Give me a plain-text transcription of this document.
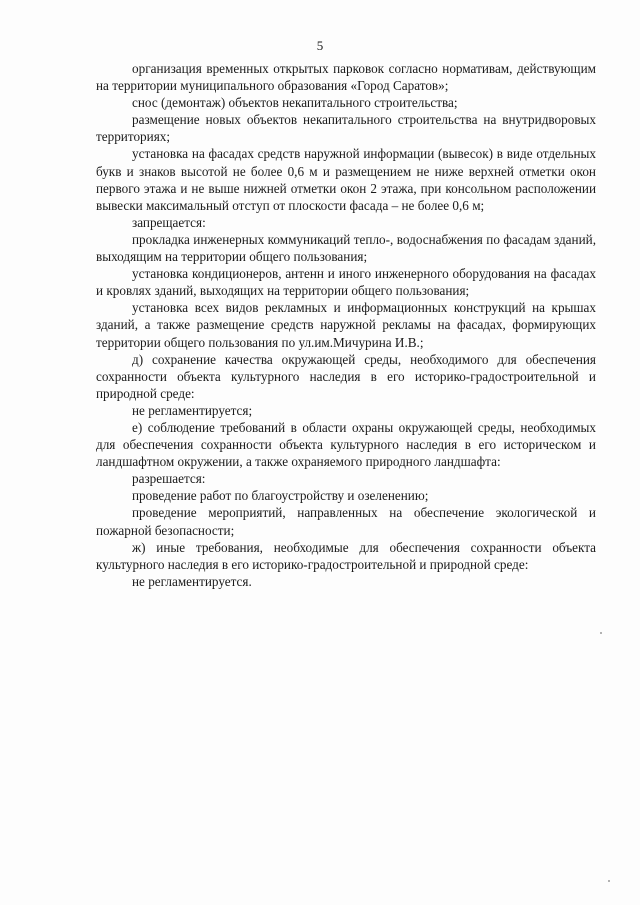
5

организация временных открытых парковок согласно нормативам, действующим на территории муниципального образования «Город Саратов»;

снос (демонтаж) объектов некапитального строительства;

размещение новых объектов некапитального строительства на внутридворовых территориях;

установка на фасадах средств наружной информации (вывесок) в виде отдельных букв и знаков высотой не более 0,6 м и размещением не ниже верхней отметки окон первого этажа и не выше нижней отметки окон 2 этажа, при консольном расположении вывески максимальный отступ от плоскости фасада – не более 0,6 м;

запрещается:

прокладка инженерных коммуникаций тепло-, водоснабжения по фасадам зданий, выходящим на территории общего пользования;

установка кондиционеров, антенн и иного инженерного оборудования на фасадах и кровлях зданий, выходящих на территории общего пользования;

установка всех видов рекламных и информационных конструкций на крышах зданий, а также размещение средств наружной рекламы на фасадах, формирующих территории общего пользования по ул.им.Мичурина И.В.;

д) сохранение качества окружающей среды, необходимого для обеспечения сохранности объекта культурного наследия в его историко-градостроительной и природной среде:

не регламентируется;

е) соблюдение требований в области охраны окружающей среды, необходимых для обеспечения сохранности объекта культурного наследия в его историческом и ландшафтном окружении, а также охраняемого природного ландшафта:

разрешается:

проведение работ по благоустройству и озеленению;

проведение мероприятий, направленных на обеспечение экологической и пожарной безопасности;

ж) иные требования, необходимые для обеспечения сохранности объекта культурного наследия в его историко-градостроительной и природной среде:

не регламентируется.
